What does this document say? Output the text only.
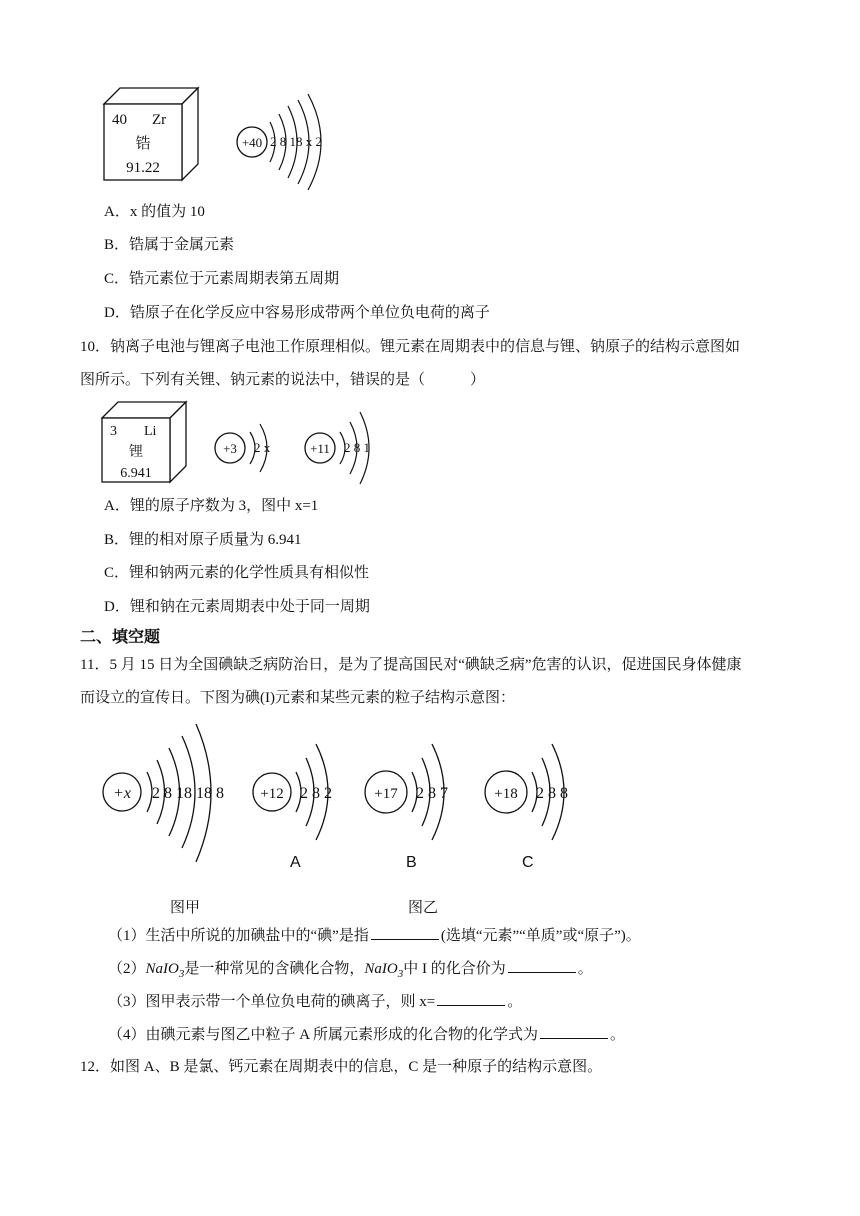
40 Zr
锆
91.22
+40 2 8 18 x 2
A．x 的值为 10
B．锆属于金属元素
C．锆元素位于元素周期表第五周期
D．锆原子在化学反应中容易形成带两个单位负电荷的离子
10．钠离子电池与锂离子电池工作原理相似。锂元素在周期表中的信息与锂、钠原子的结构示意图如
图所示。下列有关锂、钠元素的说法中，错误的是（　　　）
3 Li
锂
6.941
+3 2 x	+11 2 8 1
A．锂的原子序数为 3，图中 x=1
B．锂的相对原子质量为 6.941
C．锂和钠两元素的化学性质具有相似性
D．锂和钠在元素周期表中处于同一周期
二、填空题
11．5 月 15 日为全国碘缺乏病防治日，是为了提高国民对“碘缺乏病”危害的认识，促进国民身体健康
而设立的宣传日。下图为碘(I)元素和某些元素的粒子结构示意图：
+x 2 8 18 18 8 +12 2 8 2
A
+17 2 8 7
B
+18 2 8 8
C
图甲	图乙
（1）生活中所说的加碘盐中的“碘”是指	(选填“元素”“单质”或“原子”)。
（2）NaIO$_3$是一种常见的含碘化合物，NaIO$_3$中 I 的化合价为	。
（3）图甲表示带一个单位负电荷的碘离子，则 x=	。
（4）由碘元素与图乙中粒子 A 所属元素形成的化合物的化学式为	。
12．如图 A、B 是氯、钙元素在周期表中的信息，C 是一种原子的结构示意图。
